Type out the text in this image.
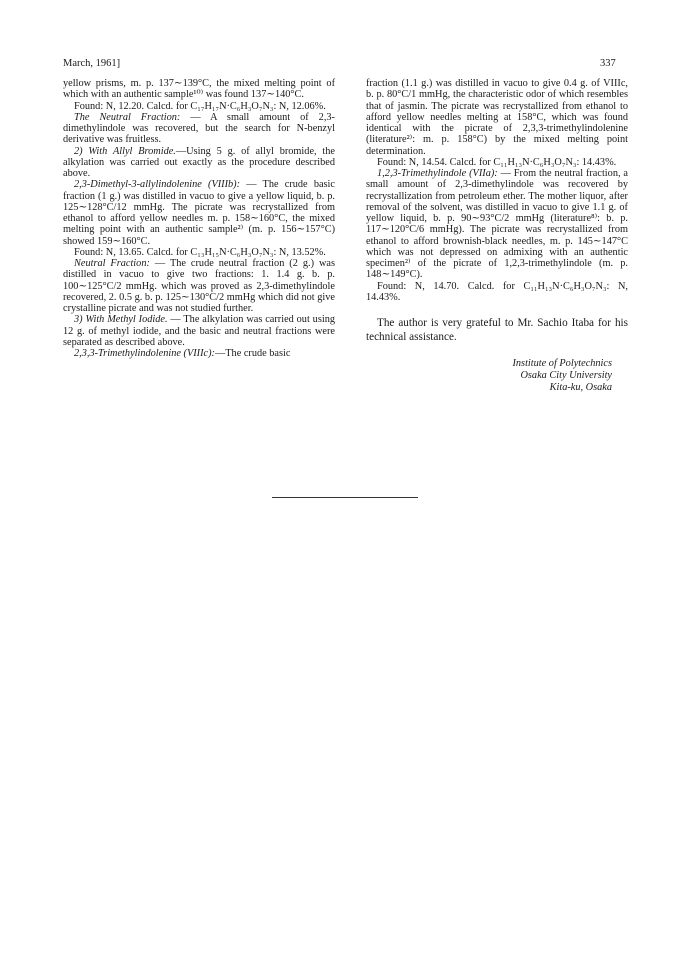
March, 1961]	337

yellow prisms, m. p. 137∼139°C, the mixed melting point of which with an authentic sample¹⁰⁾ was found 137∼140°C.

Found: N, 12.20. Calcd. for C₁₇H₁₇N·C₆H₃O₇N₃: N, 12.06%.

The Neutral Fraction: — A small amount of 2,3-dimethylindole was recovered, but the search for N-benzyl derivative was fruitless.

2) With Allyl Bromide.—Using 5 g. of allyl bromide, the alkylation was carried out exactly as the procedure described above.

2,3-Dimethyl-3-allylindolenine (VIIIb): — The crude basic fraction (1 g.) was distilled in vacuo to give a yellow liquid, b. p. 125∼128°C/12 mmHg. The picrate was recrystallized from ethanol to afford yellow needles m. p. 158∼160°C, the mixed melting point with an authentic sample²⁾ (m. p. 156∼157°C) showed 159∼160°C.

Found: N, 13.65. Calcd. for C₁₃H₁₅N·C₆H₃O₇N₃: N, 13.52%.

Neutral Fraction: — The crude neutral fraction (2 g.) was distilled in vacuo to give two fractions: 1. 1.4 g. b. p. 100∼125°C/2 mmHg. which was proved as 2,3-dimethylindole recovered, 2. 0.5 g. b. p. 125∼130°C/2 mmHg which did not give crystalline picrate and was not studied further.

3) With Methyl Iodide. — The alkylation was carried out using 12 g. of methyl iodide, and the basic and neutral fractions were separated as described above.

2,3,3-Trimethylindolenine (VIIIc):—The crude basic

fraction (1.1 g.) was distilled in vacuo to give 0.4 g. of VIIIc, b. p. 80°C/1 mmHg, the characteristic odor of which resembles that of jasmin. The picrate was recrystallized from ethanol to afford yellow needles melting at 158°C, which was found identical with the picrate of 2,3,3-trimethylindolenine (literature²⁾: m. p. 158°C) by the mixed melting point determination.

Found: N, 14.54. Calcd. for C₁₁H₁₃N·C₆H₃O₇N₃: 14.43%.

1,2,3-Trimethylindole (VIIa): — From the neutral fraction, a small amount of 2,3-dimethylindole was recovered by recrystallization from petroleum ether. The mother liquor, after removal of the solvent, was distilled in vacuo to give 1.1 g. of yellow liquid, b. p. 90∼93°C/2 mmHg (literature⁸⁾: b. p. 117∼120°C/6 mmHg). The picrate was recrystallized from ethanol to afford brownish-black needles, m. p. 145∼147°C which was not depressed on admixing with an authentic specimen²⁾ of the picrate of 1,2,3-trimethylindole (m. p. 148∼149°C).

Found: N, 14.70. Calcd. for C₁₁H₁₃N·C₆H₃O₇N₃: N, 14.43%.

The author is very grateful to Mr. Sachio Itaba for his technical assistance.

Institute of Polytechnics
Osaka City University
Kita-ku, Osaka
